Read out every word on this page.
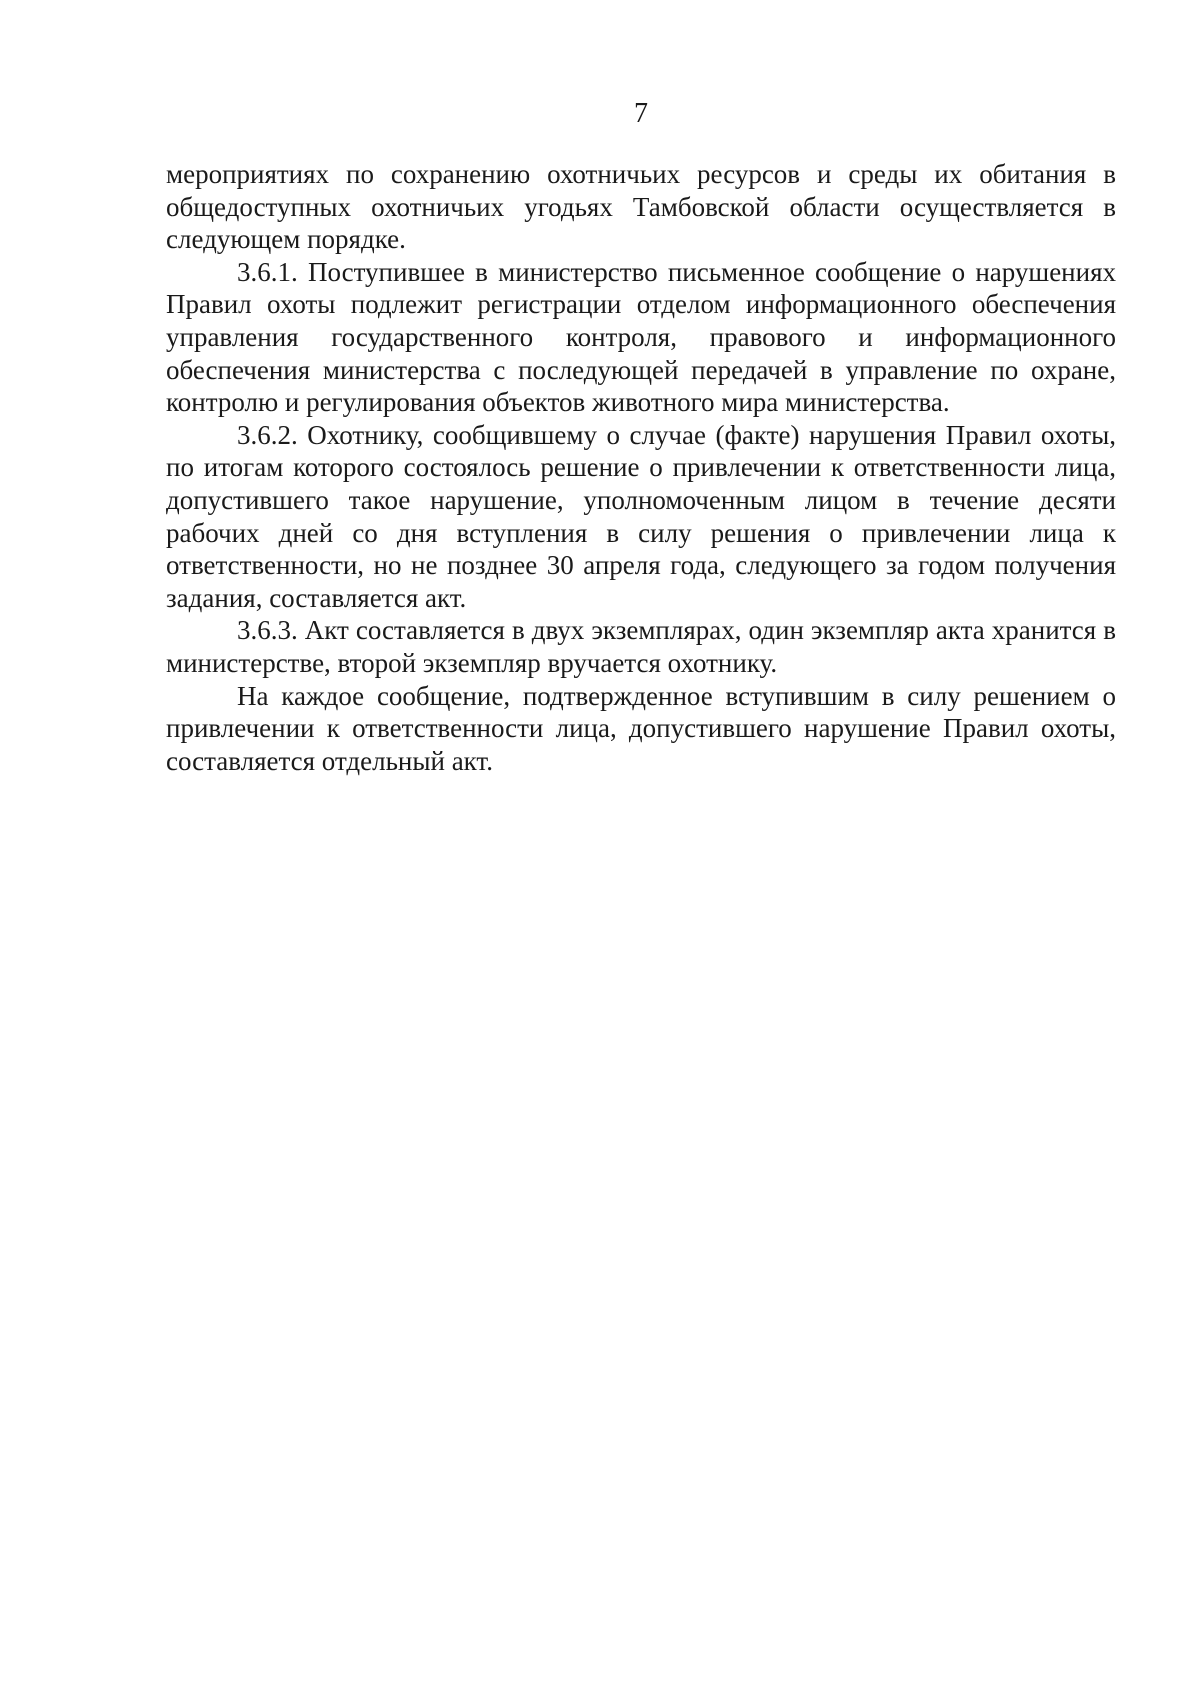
7

мероприятиях по сохранению охотничьих ресурсов и среды их обитания в общедоступных охотничьих угодьях Тамбовской области осуществляется в следующем порядке.

3.6.1. Поступившее в министерство письменное сообщение о нарушениях Правил охоты подлежит регистрации отделом информационного обеспечения управления государственного контроля, правового и информационного обеспечения министерства с последующей передачей в управление по охране, контролю и регулирования объектов животного мира министерства.

3.6.2. Охотнику, сообщившему о случае (факте) нарушения Правил охоты, по итогам которого состоялось решение о привлечении к ответственности лица, допустившего такое нарушение, уполномоченным лицом в течение десяти рабочих дней со дня вступления в силу решения о привлечении лица к ответственности, но не позднее 30 апреля года, следующего за годом получения задания, составляется акт.

3.6.3. Акт составляется в двух экземплярах, один экземпляр акта хранится в министерстве, второй экземпляр вручается охотнику.

На каждое сообщение, подтвержденное вступившим в силу решением о привлечении к ответственности лица, допустившего нарушение Правил охоты, составляется отдельный акт.
